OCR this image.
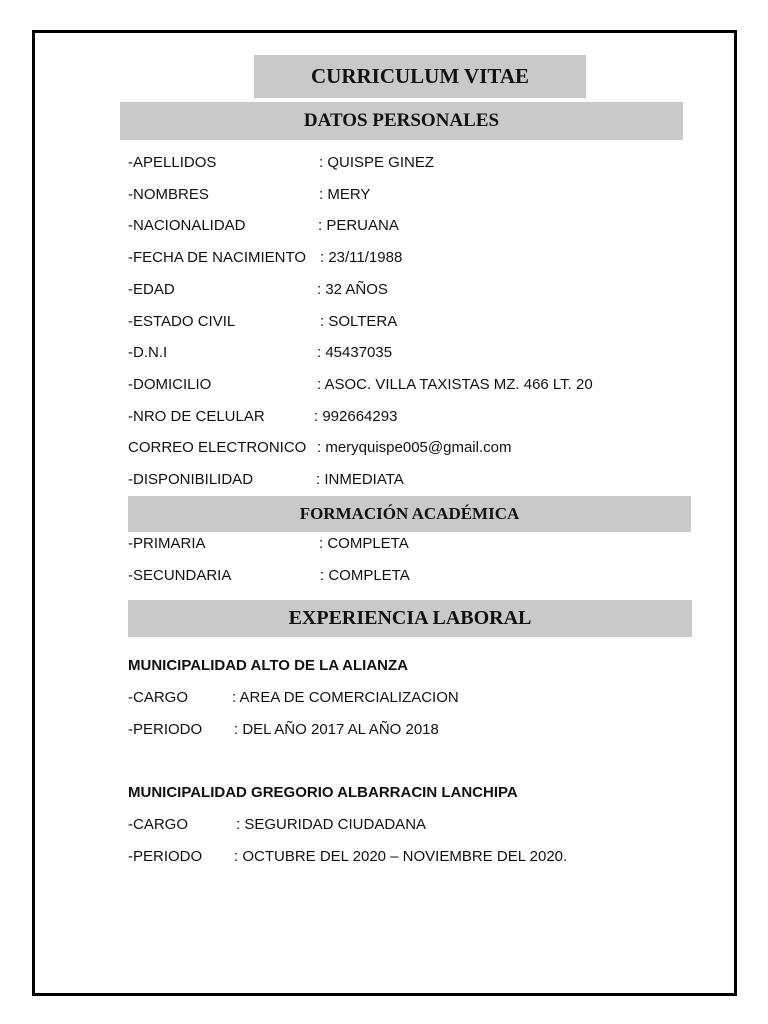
CURRICULUM VITAE
DATOS PERSONALES
-APELLIDOS	: QUISPE GINEZ
-NOMBRES	: MERY
-NACIONALIDAD	: PERUANA
-FECHA DE NACIMIENTO : 23/11/1988
-EDAD	: 32 AÑOS
-ESTADO CIVIL	: SOLTERA
-D.N.I	: 45437035
-DOMICILIO	: ASOC. VILLA TAXISTAS MZ. 466 LT. 20
-NRO DE CELULAR	: 992664293
CORREO ELECTRONICO : meryquispe005@gmail.com
-DISPONIBILIDAD	: INMEDIATA
FORMACIÓN ACADÉMICA
-PRIMARIA	: COMPLETA
-SECUNDARIA	: COMPLETA
EXPERIENCIA LABORAL
MUNICIPALIDAD ALTO DE LA ALIANZA
-CARGO	: AREA DE COMERCIALIZACION
-PERIODO : DEL AÑO 2017 AL AÑO 2018
MUNICIPALIDAD GREGORIO ALBARRACIN LANCHIPA
-CARGO	: SEGURIDAD CIUDADANA
-PERIODO : OCTUBRE DEL 2020 – NOVIEMBRE DEL 2020.
